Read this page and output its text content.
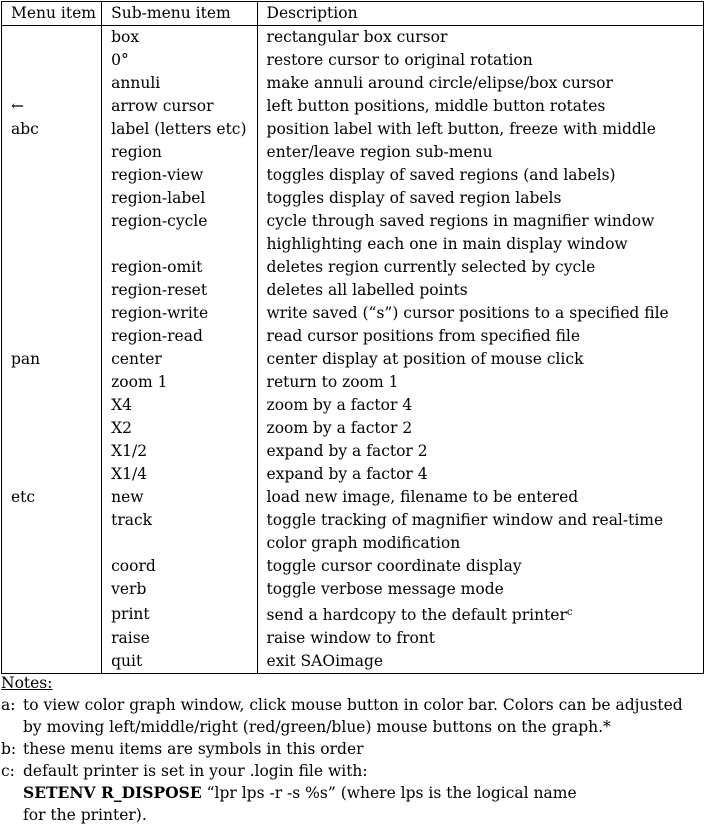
Menu item	Sub-menu item	Description
	box	rectangular box cursor
	0°	restore cursor to original rotation
	annuli	make annuli around circle/elipse/box cursor
←	arrow cursor	left button positions, middle button rotates
abc	label (letters etc)	position label with left button, freeze with middle
	region	enter/leave region sub-menu
	region-view	toggles display of saved regions (and labels)
	region-label	toggles display of saved region labels
	region-cycle	cycle through saved regions in magnifier window
		highlighting each one in main display window
	region-omit	deletes region currently selected by cycle
	region-reset	deletes all labelled points
	region-write	write saved (“s”) cursor positions to a specified file
	region-read	read cursor positions from specified file
pan	center	center display at position of mouse click
	zoom 1	return to zoom 1
	X4	zoom by a factor 4
	X2	zoom by a factor 2
	X1/2	expand by a factor 2
	X1/4	expand by a factor 4
etc	new	load new image, filename to be entered
	track	toggle tracking of magnifier window and real-time
		color graph modification
	coord	toggle cursor coordinate display
	verb	toggle verbose message mode
	print	send a hardcopy to the default printer$^c$
	raise	raise window to front
	quit	exit SAOimage
Notes:
a: to view color graph window, click mouse button in color bar. Colors can be adjusted
by moving left/middle/right (red/green/blue) mouse buttons on the graph.*
b: these menu items are symbols in this order
c: default printer is set in your .login file with:
SETENV R_DISPOSE “lpr lps -r -s %s” (where lps is the logical name
for the printer).
